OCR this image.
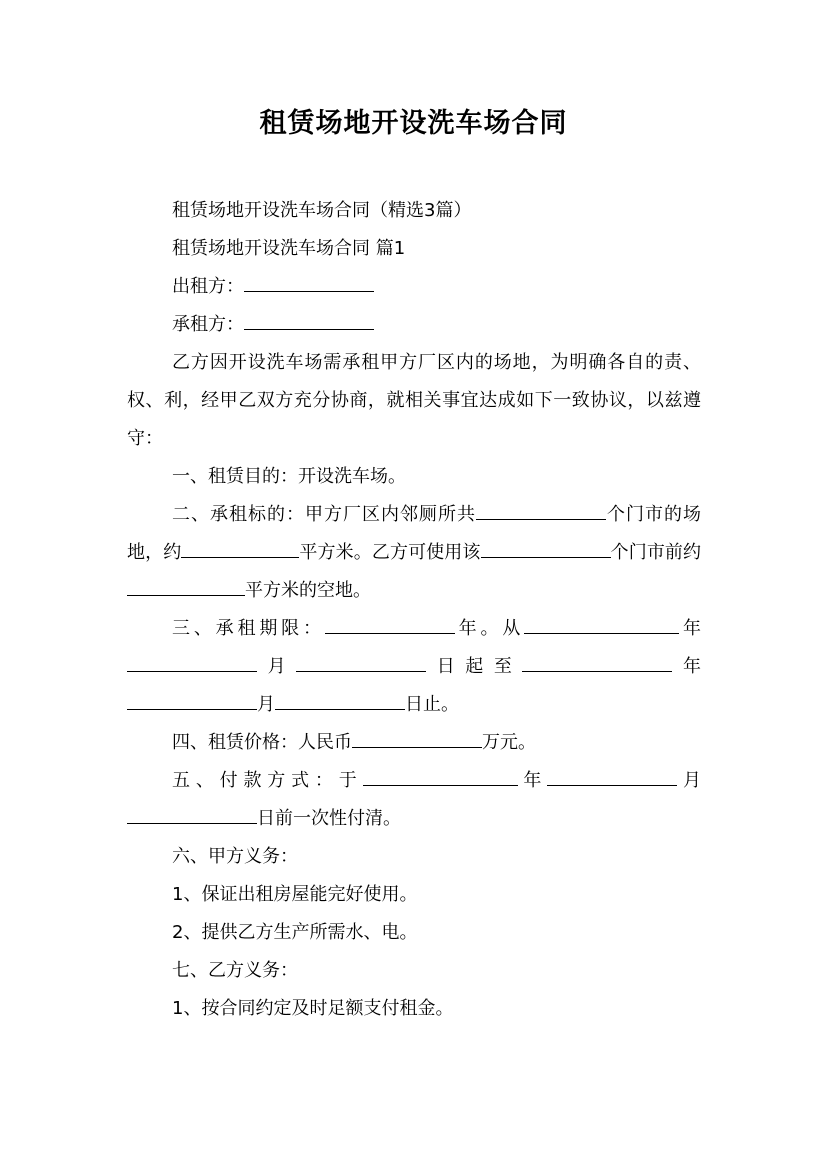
租赁场地开设洗车场合同

租赁场地开设洗车场合同（精选3篇）

租赁场地开设洗车场合同 篇1

出租方：

承租方：

乙方因开设洗车场需承租甲方厂区内的场地，为明确各自的责、权、利，经甲乙双方充分协商，就相关事宜达成如下一致协议，以兹遵守：

一、租赁目的：开设洗车场。

二、承租标的：甲方厂区内邻厕所共	个门市的场地，约	平方米。乙方可使用该	个门市前约平方米的空地。

三、承租期限：	年。从	年月	日起至	年月	日止。

四、租赁价格：人民币	万元。

五、付款方式：于	年	月日前一次性付清。

六、甲方义务：

1、保证出租房屋能完好使用。

2、提供乙方生产所需水、电。

七、乙方义务：

1、按合同约定及时足额支付租金。
